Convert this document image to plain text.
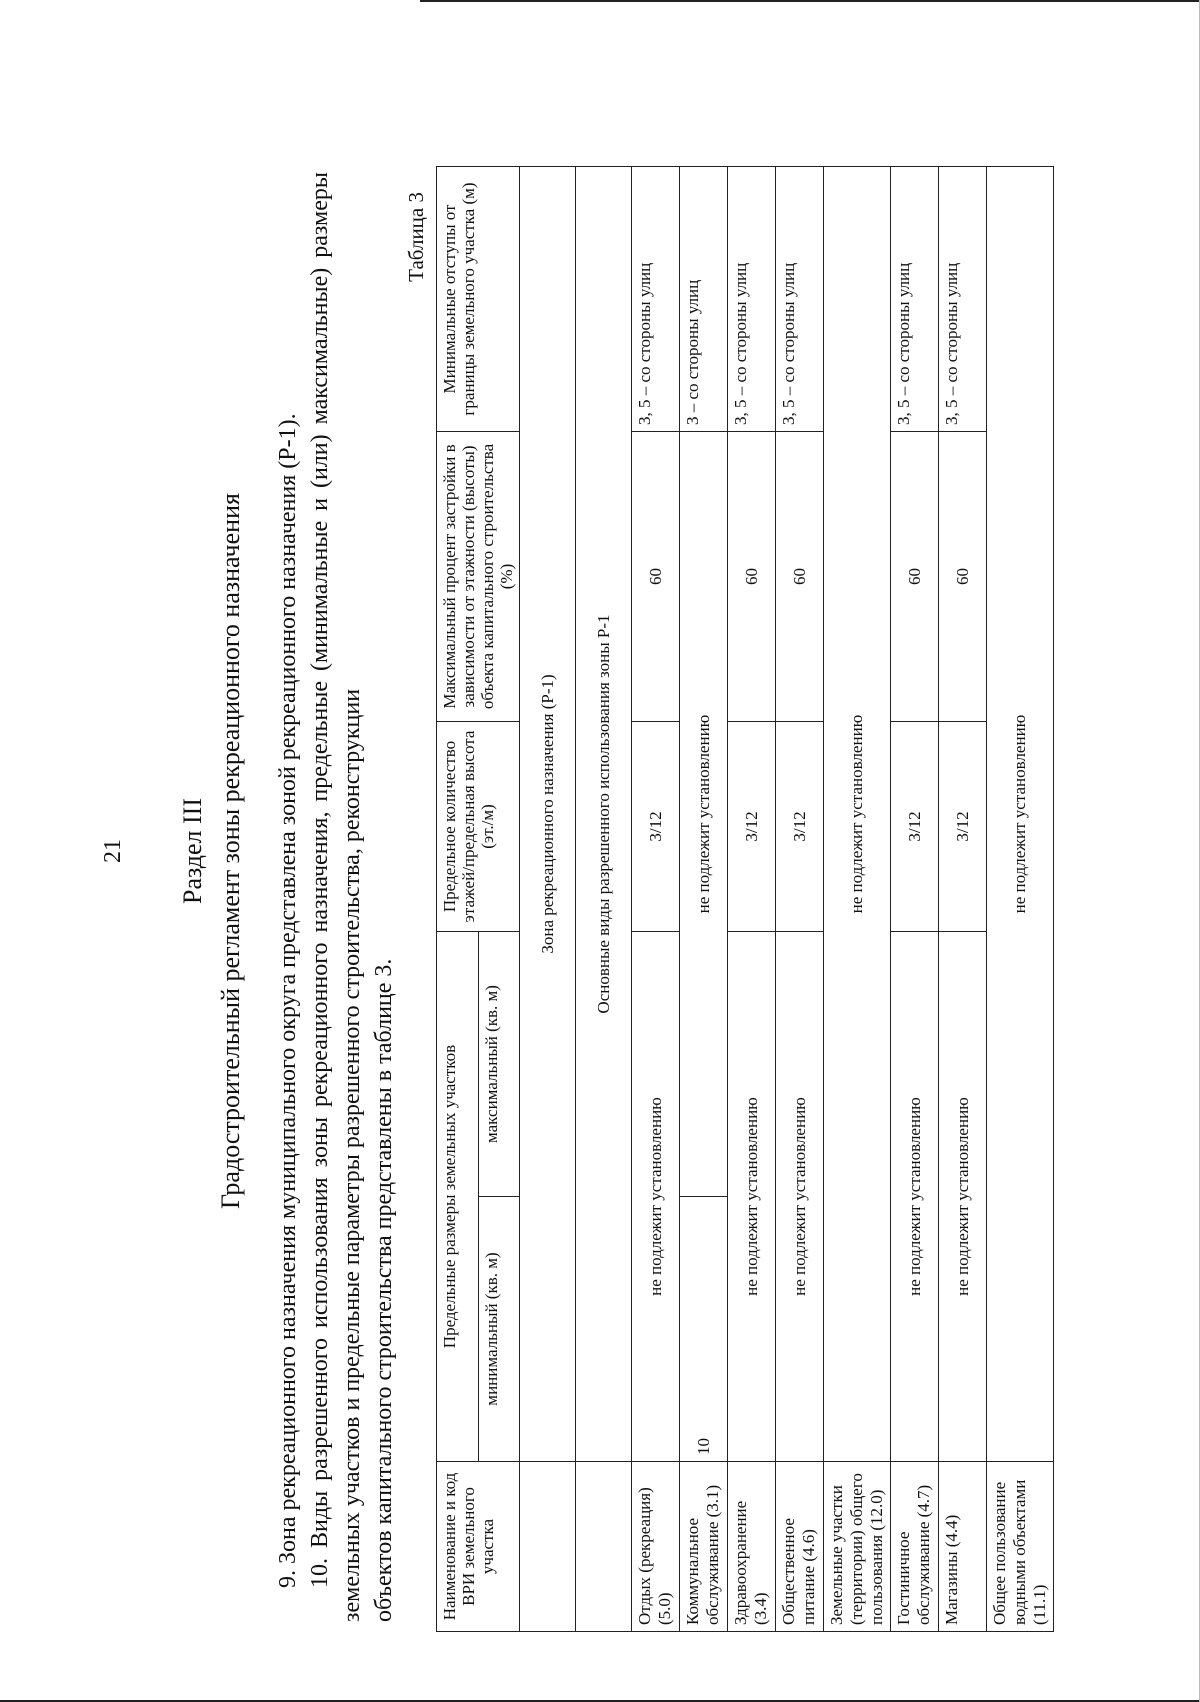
21 Раздел III Градостроительный регламент зоны рекреационного назначения 9. Зона рекреационного назначения муниципального округа представлена зоной рекреационного назначения (Р-1). 10. Виды разрешенного использования зоны рекреационного назначения, предельные (минимальные и (или) максимальные) размеры земельных участков и предельные параметры разрешенного строительства, реконструкции объектов капитального строительства представлены в таблице 3.

Таблица 3
Наименование и код ВРИ земельного участка	Предельные размеры земельных участков		Предельное количество этажей/предельная высота (эт./м)	Максимальный процент застройки в зависимости от этажности (высоты) объекта капитального строительства (%)	Минимальные отступы от границы земельного участка (м)
	минимальный (кв. м)	максимальный (кв. м)			
	Зона рекреационного назначения (Р-1)				
	Основные виды разрешенного использования зоны Р-1				
Отдых (рекреация) (5.0)	не подлежит установлению		3/12	60	3, 5 – со стороны улиц
Коммунальное обслуживание (3.1)	10	не подлежит установлению			3 – со стороны улиц
Здравоохранение (3.4)	не подлежит установлению		3/12	60	3, 5 – со стороны улиц
Общественное питание (4.6)	не подлежит установлению		3/12	60	3, 5 – со стороны улиц
Земельные участки (территории) общего пользования (12.0)	не подлежит установлению				
Гостиничное обслуживание (4.7)	не подлежит установлению		3/12	60	3, 5 – со стороны улиц
Магазины (4.4)	не подлежит установлению		3/12	60	3, 5 – со стороны улиц
Общее пользование водными объектами (11.1)	не подлежит установлению				
